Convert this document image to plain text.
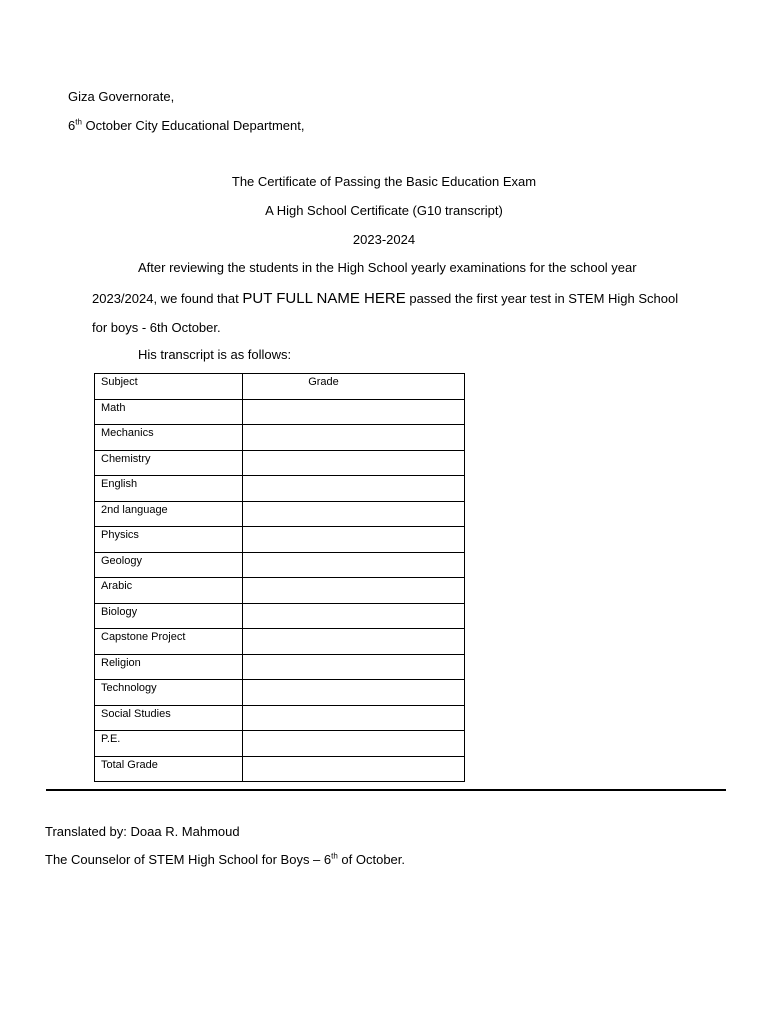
Giza Governorate,

6th October City Educational Department,

The Certificate of Passing the Basic Education Exam

A High School Certificate (G10 transcript)

2023-2024

After reviewing the students in the High School yearly examinations for the school year

2023/2024, we found that PUT FULL NAME HERE passed the first year test in STEM High School

for boys - 6th October.

His transcript is as follows:

Subject	Grade
Math	
Mechanics	
Chemistry	
English	
2nd language	
Physics	
Geology	
Arabic	
Biology	
Capstone Project	
Religion	
Technology	
Social Studies	
P.E.	
Total Grade	

Translated by: Doaa R. Mahmoud

The Counselor of STEM High School for Boys – 6th of October.
